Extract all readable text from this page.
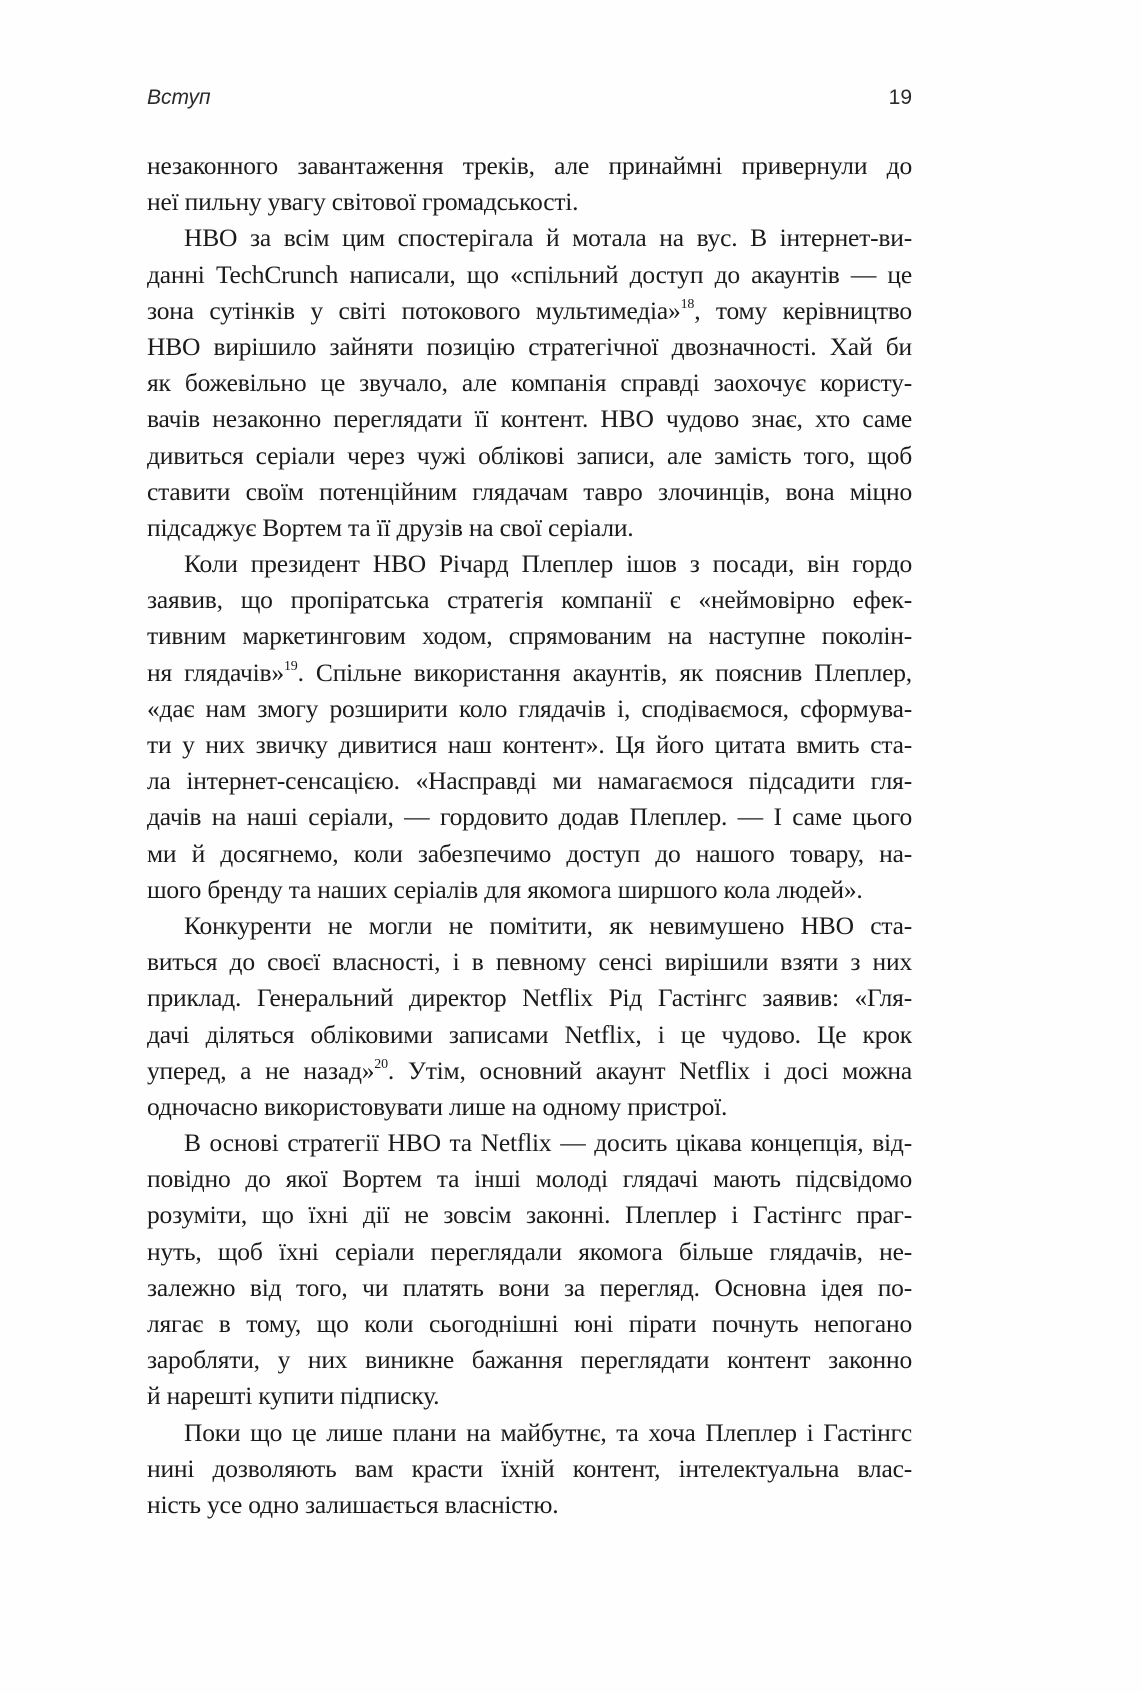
Вступ	19
незаконного завантаження треків, але принаймні привернули до
неї пильну увагу світової громадськості.
HBO за всім цим спостерігала й мотала на вус. В інтернет-ви-
данні TechCrunch написали, що «спільний доступ до акаунтів — це
зона сутінків у світі потокового мультимедіа»$^{18}$, тому керівництво
HBO вирішило зайняти позицію стратегічної двозначності. Хай би
як божевільно це звучало, але компанія справді заохочує користу-
вачів незаконно переглядати її контент. HBO чудово знає, хто саме
дивиться серіали через чужі облікові записи, але замість того, щоб
ставити своїм потенційним глядачам тавро злочинців, вона міцно
підсаджує Вортем та її друзів на свої серіали.
Коли президент HBO Річард Плеплер ішов з посади, він гордо
заявив, що пропіратська стратегія компанії є «неймовірно ефек-
тивним маркетинговим ходом, спрямованим на наступне поколін-
ня глядачів»$^{19}$. Спільне використання акаунтів, як пояснив Плеплер,
«дає нам змогу розширити коло глядачів і, сподіваємося, сформува-
ти у них звичку дивитися наш контент». Ця його цитата вмить ста-
ла інтернет-сенсацією. «Насправді ми намагаємося підсадити гля-
дачів на наші серіали, — гордовито додав Плеплер. — І саме цього
ми й досягнемо, коли забезпечимо доступ до нашого товару, на-
шого бренду та наших серіалів для якомога ширшого кола людей».
Конкуренти не могли не помітити, як невимушено HBO ста-
виться до своєї власності, і в певному сенсі вирішили взяти з них
приклад. Генеральний директор Netflix Рід Гастінгс заявив: «Гля-
дачі діляться обліковими записами Netflix, і це чудово. Це крок
уперед, а не назад»$^{20}$. Утім, основний акаунт Netflix і досі можна
одночасно використовувати лише на одному пристрої.
В основі стратегії HBO та Netflix — досить цікава концепція, від-
повідно до якої Вортем та інші молоді глядачі мають підсвідомо
розуміти, що їхні дії не зовсім законні. Плеплер і Гастінгс праг-
нуть, щоб їхні серіали переглядали якомога більше глядачів, не-
залежно від того, чи платять вони за перегляд. Основна ідея по-
лягає в тому, що коли сьогоднішні юні пірати почнуть непогано
заробляти, у них виникне бажання переглядати контент законно
й нарешті купити підписку.
Поки що це лише плани на майбутнє, та хоча Плеплер і Гастінгс
нині дозволяють вам красти їхній контент, інтелектуальна влас-
ність усе одно залишається власністю.
